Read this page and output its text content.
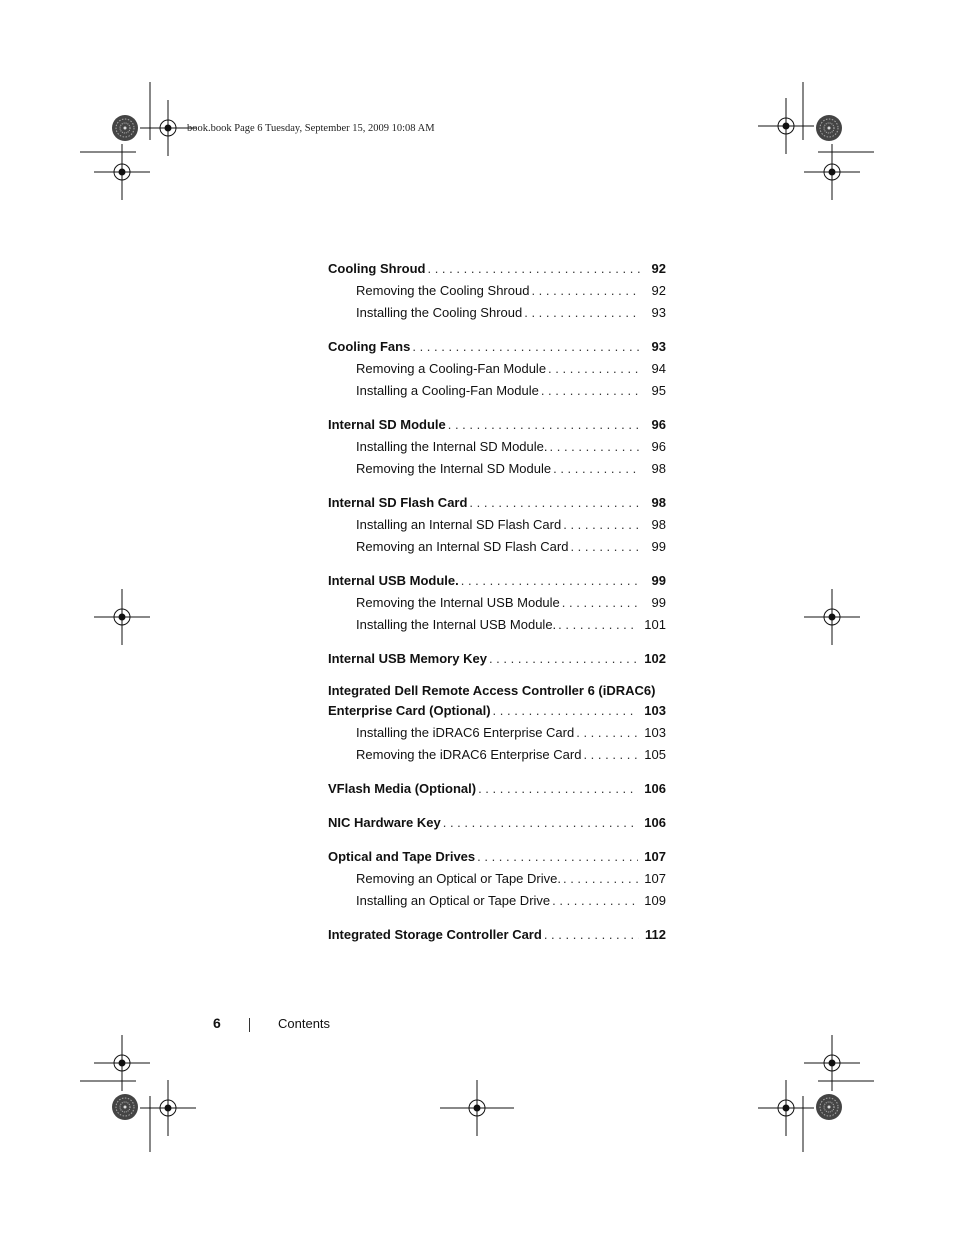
book.book Page 6 Tuesday, September 15, 2009 10:08 AM
Cooling Shroud . . .	92
Removing the Cooling Shroud . . .	92
Installing the Cooling Shroud . . .	93
Cooling Fans . . .	93
Removing a Cooling-Fan Module . . .	94
Installing a Cooling-Fan Module . . .	95
Internal SD Module . . .	96
Installing the Internal SD Module. . . .	96
Removing the Internal SD Module . . .	98
Internal SD Flash Card . . .	98
Installing an Internal SD Flash Card . . .	98
Removing an Internal SD Flash Card . . .	99
Internal USB Module. . . .	99
Removing the Internal USB Module . . .	99
Installing the Internal USB Module. . . .	101
Internal USB Memory Key . . .	102
Integrated Dell Remote Access Controller 6 (iDRAC6)
Enterprise Card (Optional) . . .	103
Installing the iDRAC6 Enterprise Card . . .	103
Removing the iDRAC6 Enterprise Card . . .	105
VFlash Media (Optional) . . .	106
NIC Hardware Key . . .	106
Optical and Tape Drives . . .	107
Removing an Optical or Tape Drive. . . .	107
Installing an Optical or Tape Drive . . .	109
Integrated Storage Controller Card . . .	112
6	Contents
